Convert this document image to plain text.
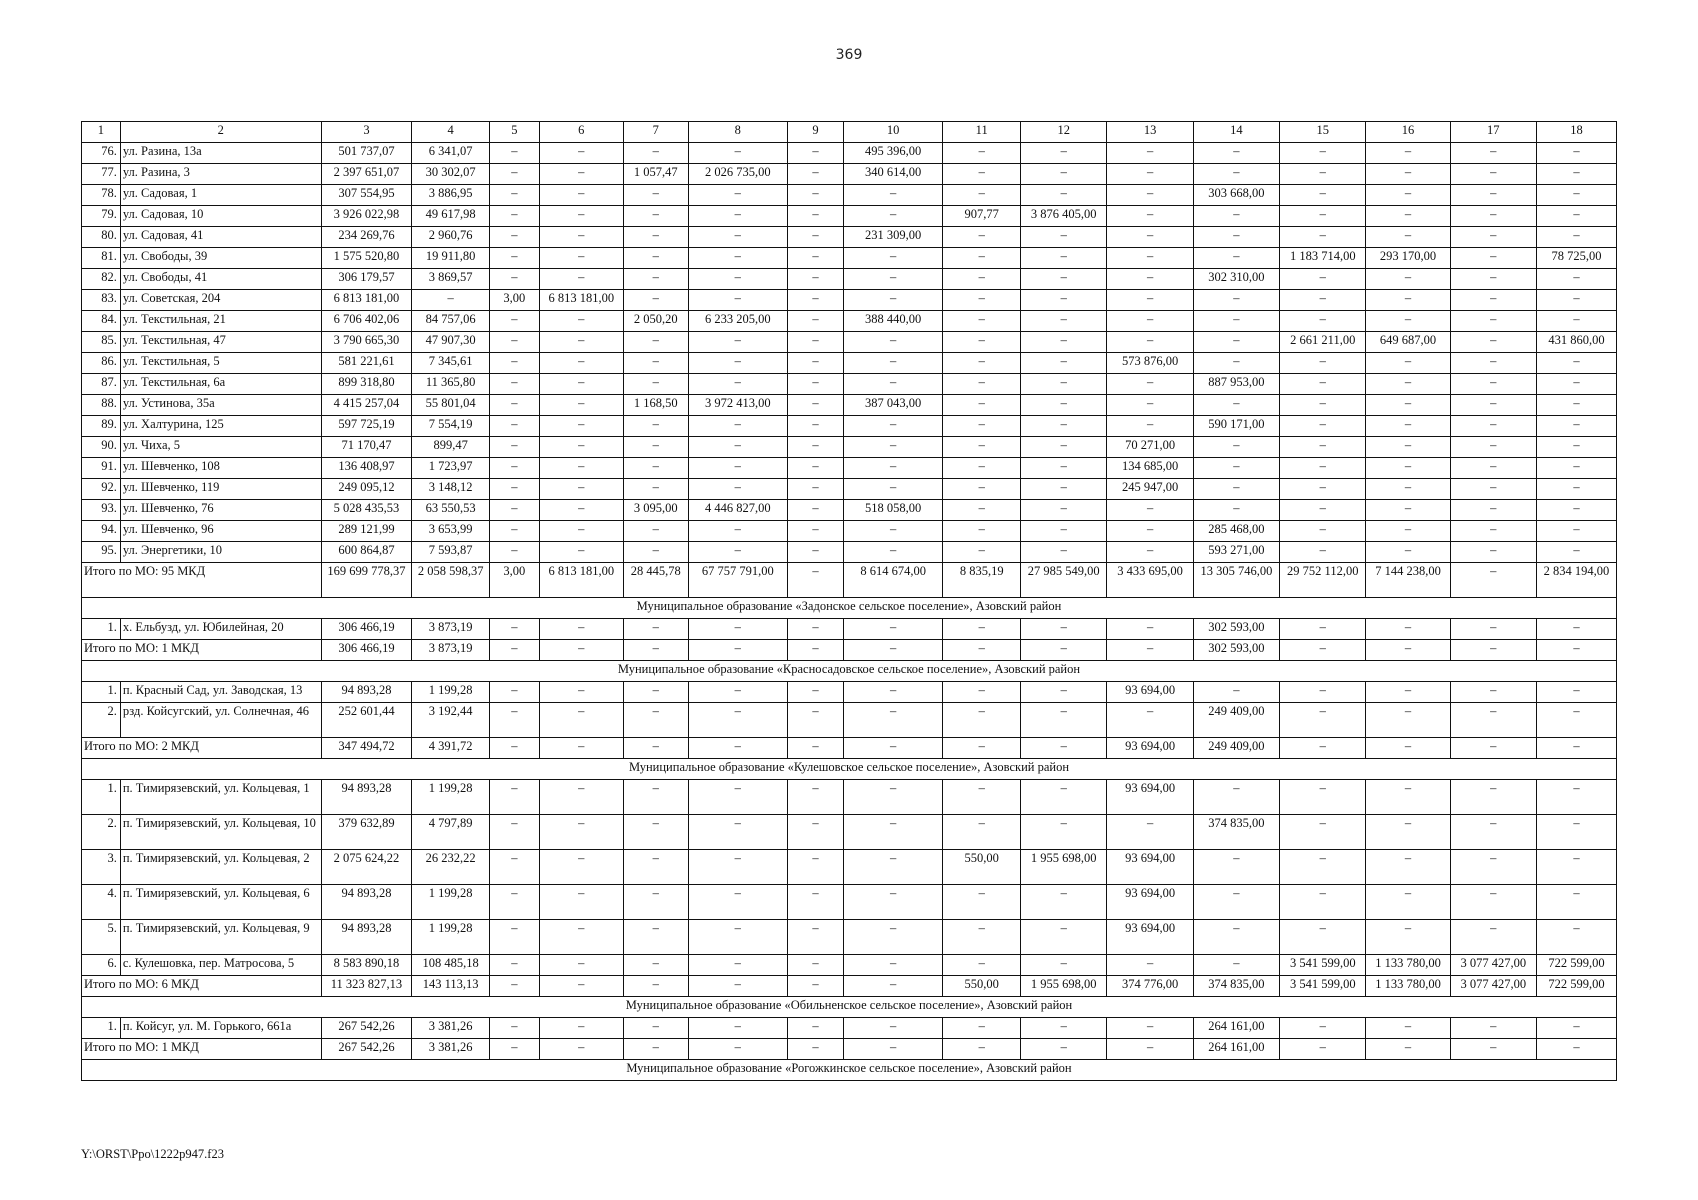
369
1	2	3	4	5	6	7	8	9	10	11	12	13	14	15	16	17	18
76.	ул. Разина, 13а	501 737,07	6 341,07	–	–	–	–	–	495 396,00	–	–	–	–	–	–	–	–
77.	ул. Разина, 3	2 397 651,07	30 302,07	–	–	1 057,47	2 026 735,00	–	340 614,00	–	–	–	–	–	–	–	–
78.	ул. Садовая, 1	307 554,95	3 886,95	–	–	–	–	–	–	–	–	–	303 668,00	–	–	–	–
79.	ул. Садовая, 10	3 926 022,98	49 617,98	–	–	–	–	–	–	907,77	3 876 405,00	–	–	–	–	–	–
80.	ул. Садовая, 41	234 269,76	2 960,76	–	–	–	–	–	231 309,00	–	–	–	–	–	–	–	–
81.	ул. Свободы, 39	1 575 520,80	19 911,80	–	–	–	–	–	–	–	–	–	–	1 183 714,00	293 170,00	–	78 725,00
82.	ул. Свободы, 41	306 179,57	3 869,57	–	–	–	–	–	–	–	–	–	302 310,00	–	–	–	–
83.	ул. Советская, 204	6 813 181,00	–	3,00	6 813 181,00	–	–	–	–	–	–	–	–	–	–	–	–
84.	ул. Текстильная, 21	6 706 402,06	84 757,06	–	–	2 050,20	6 233 205,00	–	388 440,00	–	–	–	–	–	–	–	–
85.	ул. Текстильная, 47	3 790 665,30	47 907,30	–	–	–	–	–	–	–	–	–	–	2 661 211,00	649 687,00	–	431 860,00
86.	ул. Текстильная, 5	581 221,61	7 345,61	–	–	–	–	–	–	–	–	573 876,00	–	–	–	–	–
87.	ул. Текстильная, 6а	899 318,80	11 365,80	–	–	–	–	–	–	–	–	–	887 953,00	–	–	–	–
88.	ул. Устинова, 35а	4 415 257,04	55 801,04	–	–	1 168,50	3 972 413,00	–	387 043,00	–	–	–	–	–	–	–	–
89.	ул. Халтурина, 125	597 725,19	7 554,19	–	–	–	–	–	–	–	–	–	590 171,00	–	–	–	–
90.	ул. Чиха, 5	71 170,47	899,47	–	–	–	–	–	–	–	–	70 271,00	–	–	–	–	–
91.	ул. Шевченко, 108	136 408,97	1 723,97	–	–	–	–	–	–	–	–	134 685,00	–	–	–	–	–
92.	ул. Шевченко, 119	249 095,12	3 148,12	–	–	–	–	–	–	–	–	245 947,00	–	–	–	–	–
93.	ул. Шевченко, 76	5 028 435,53	63 550,53	–	–	3 095,00	4 446 827,00	–	518 058,00	–	–	–	–	–	–	–	–
94.	ул. Шевченко, 96	289 121,99	3 653,99	–	–	–	–	–	–	–	–	–	285 468,00	–	–	–	–
95.	ул. Энергетики, 10	600 864,87	7 593,87	–	–	–	–	–	–	–	–	–	593 271,00	–	–	–	–
Итого по МО: 95 МКД		169 699 778,37	2 058 598,37	3,00	6 813 181,00	28 445,78	67 757 791,00	–	8 614 674,00	8 835,19	27 985 549,00	3 433 695,00	13 305 746,00	29 752 112,00	7 144 238,00	–	2 834 194,00
Муниципальное образование «Задонское сельское поселение», Азовский район																	
1.	х. Ельбузд, ул. Юбилейная, 20	306 466,19	3 873,19	–	–	–	–	–	–	–	–	–	302 593,00	–	–	–	–
Итого по МО: 1 МКД		306 466,19	3 873,19	–	–	–	–	–	–	–	–	–	302 593,00	–	–	–	–
Муниципальное образование «Красносадовское сельское поселение», Азовский район																	
1.	п. Красный Сад, ул. Заводская, 13	94 893,28	1 199,28	–	–	–	–	–	–	–	–	93 694,00	–	–	–	–	–
2.	рзд. Койсугский, ул. Солнечная, 46	252 601,44	3 192,44	–	–	–	–	–	–	–	–	–	249 409,00	–	–	–	–
Итого по МО: 2 МКД		347 494,72	4 391,72	–	–	–	–	–	–	–	–	93 694,00	249 409,00	–	–	–	–
Муниципальное образование «Кулешовское сельское поселение», Азовский район																	
1.	п. Тимирязевский, ул. Кольцевая, 1	94 893,28	1 199,28	–	–	–	–	–	–	–	–	93 694,00	–	–	–	–	–
2.	п. Тимирязевский, ул. Кольцевая, 10	379 632,89	4 797,89	–	–	–	–	–	–	–	–	–	374 835,00	–	–	–	–
3.	п. Тимирязевский, ул. Кольцевая, 2	2 075 624,22	26 232,22	–	–	–	–	–	–	550,00	1 955 698,00	93 694,00	–	–	–	–	–
4.	п. Тимирязевский, ул. Кольцевая, 6	94 893,28	1 199,28	–	–	–	–	–	–	–	–	93 694,00	–	–	–	–	–
5.	п. Тимирязевский, ул. Кольцевая, 9	94 893,28	1 199,28	–	–	–	–	–	–	–	–	93 694,00	–	–	–	–	–
6.	с. Кулешовка, пер. Матросова, 5	8 583 890,18	108 485,18	–	–	–	–	–	–	–	–	–	–	3 541 599,00	1 133 780,00	3 077 427,00	722 599,00
Итого по МО: 6 МКД		11 323 827,13	143 113,13	–	–	–	–	–	–	550,00	1 955 698,00	374 776,00	374 835,00	3 541 599,00	1 133 780,00	3 077 427,00	722 599,00
Муниципальное образование «Обильненское сельское поселение», Азовский район																	
1.	п. Койсуг, ул. М. Горького, 661а	267 542,26	3 381,26	–	–	–	–	–	–	–	–	–	264 161,00	–	–	–	–
Итого по МО: 1 МКД		267 542,26	3 381,26	–	–	–	–	–	–	–	–	–	264 161,00	–	–	–	–
Муниципальное образование «Рогожкинское сельское поселение», Азовский район																	
Y:\ORST\Ppo\1222p947.f23
